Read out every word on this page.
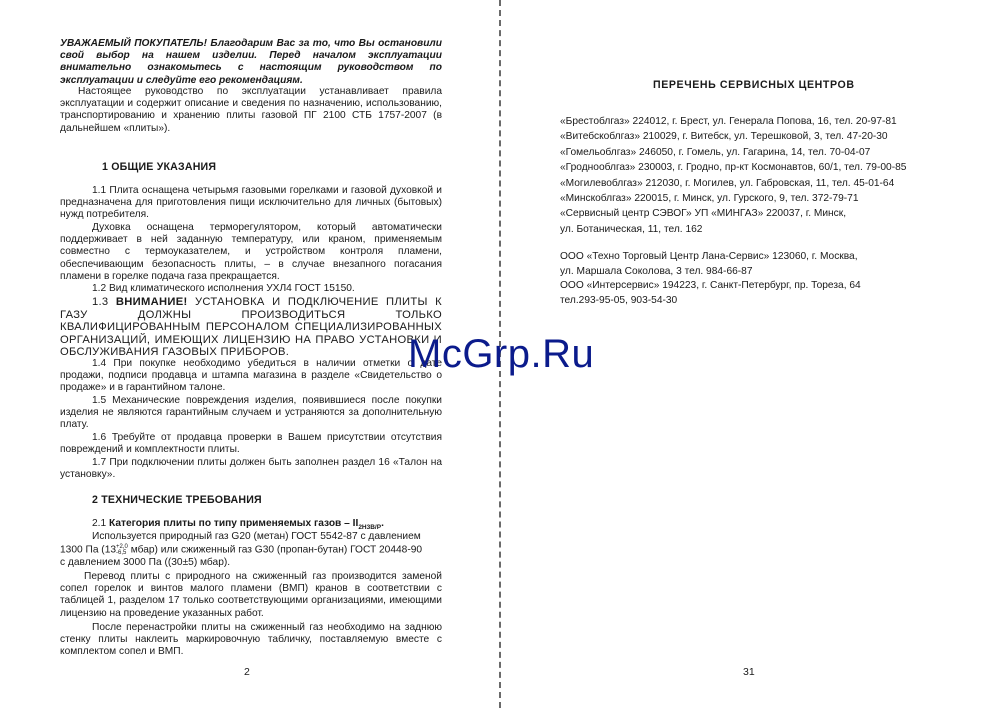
УВАЖАЕМЫЙ ПОКУПАТЕЛЬ! Благодарим Вас за то, что Вы остановили свой выбор на нашем изделии. Перед началом эксплуатации внимательно ознакомьтесь с настоящим руководством по эксплуатации и следуйте его рекомендациям.

Настоящее руководство по эксплуатации устанавливает правила эксплуатации и содержит описание и сведения по назначению, использованию, транспортированию и хранению плиты газовой ПГ 2100 СТБ 1757-2007 (в дальнейшем «плиты»).

1 ОБЩИЕ УКАЗАНИЯ

1.1 Плита оснащена четырьмя газовыми горелками и газовой духовкой и предназначена для приготовления пищи исключительно для личных (бытовых) нужд потребителя.

Духовка оснащена терморегулятором, который автоматически поддерживает в ней заданную температуру, или краном, применяемым совместно с термоуказателем, и устройством контроля пламени, обеспечивающим безопасность плиты, – в случае внезапного погасания пламени в горелке подача газа прекращается.

1.2 Вид климатического исполнения УХЛ4 ГОСТ 15150.

1.3 ВНИМАНИЕ! УСТАНОВКА И ПОДКЛЮЧЕНИЕ ПЛИТЫ К ГАЗУ ДОЛЖНЫ ПРОИЗВОДИТЬСЯ ТОЛЬКО КВАЛИФИЦИРОВАННЫМ ПЕРСОНАЛОМ СПЕЦИАЛИЗИРОВАННЫХ ОРГАНИЗАЦИЙ, ИМЕЮЩИХ ЛИЦЕНЗИЮ НА ПРАВО УСТАНОВКИ И ОБСЛУЖИВАНИЯ ГАЗОВЫХ ПРИБОРОВ.

1.4 При покупке необходимо убедиться в наличии отметки о дате продажи, подписи продавца и штампа магазина в разделе «Свидетельство о продаже» и в гарантийном талоне.

1.5 Механические повреждения изделия, появившиеся после покупки изделия не являются гарантийным случаем и устраняются за дополнительную плату.

1.6 Требуйте от продавца проверки в Вашем присутствии отсутствия повреждений и комплектности плиты.

1.7 При подключении плиты должен быть заполнен раздел 16 «Талон на установку».

2 ТЕХНИЧЕСКИЕ ТРЕБОВАНИЯ

2.1 Категория плиты по типу применяемых газов – $II_{2Н3В/Р}$.

Используется природный газ G20 (метан) ГОСТ 5542-87 с давлением

1300 Па (13 +2,0
-6,5 мбар) или сжиженный газ G30 (пропан-бутан) ГОСТ 20448-90

с давлением 3000 Па ((30±5) мбар).

Перевод плиты с природного на сжиженный газ производится заменой сопел горелок и винтов малого пламени (ВМП) кранов в соответствии с таблицей 1, разделом 17 только соответствующими организациями, имеющими лицензию на проведение указанных работ.

После перенастройки плиты на сжиженный газ необходимо на заднюю стенку плиты наклеить маркировочную табличку, поставляемую вместе с комплектом сопел и ВМП.

2
ПЕРЕЧЕНЬ СЕРВИСНЫХ ЦЕНТРОВ

«Брестоблгаз» 224012, г. Брест, ул. Генерала Попова, 16, тел. 20-97-81

«Витебскоблгаз» 210029, г. Витебск, ул. Терешковой, 3, тел. 47-20-30

«Гомельоблгаз» 246050, г. Гомель, ул. Гагарина, 14, тел. 70-04-07

«Гроднооблгаз» 230003, г. Гродно, пр-кт Космонавтов, 60/1, тел. 79-00-85

«Могилевоблгаз» 212030, г. Могилев, ул. Габровская, 11, тел. 45-01-64

«Минскоблгаз» 220015, г. Минск, ул. Гурского, 9, тел. 372-79-71

«Сервисный центр СЭВОГ» УП «МИНГАЗ» 220037, г. Минск,
ул. Ботаническая, 11, тел. 162

ООО «Техно Торговый Центр Лана-Сервис» 123060, г. Москва,
ул. Маршала Соколова, 3 тел. 984-66-87

ООО «Интерсервис» 194223, г. Санкт-Петербург, пр. Тореза, 64
тел.293-95-05, 903-54-30

31
McGrp.Ru
